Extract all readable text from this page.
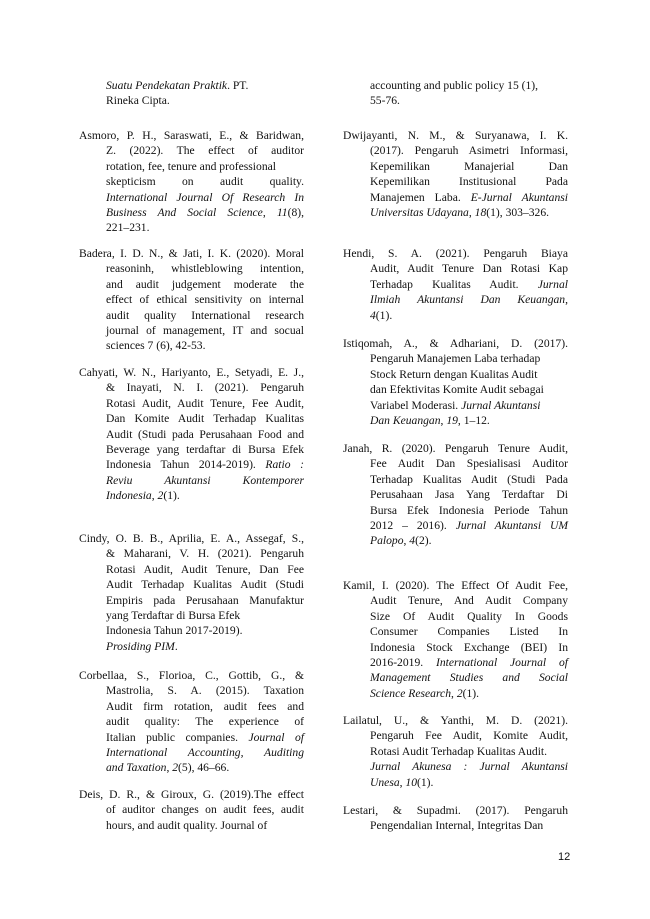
Suatu Pendekatan Praktik. PT.
Rineka Cipta.
Asmoro, P. H., Saraswati, E., & Baridwan,
Z. (2022). The effect of auditor
rotation, fee, tenure and professional
skepticism on audit quality.
International Journal Of Research In
Business And Social Science, 11(8),
221–231.
Badera, I. D. N., & Jati, I. K. (2020). Moral
reasoninh, whistleblowing intention,
and audit judgement moderate the
effect of ethical sensitivity on internal
audit quality International research
journal of management, IT and socual
sciences 7 (6), 42-53.
Cahyati, W. N., Hariyanto, E., Setyadi, E. J.,
& Inayati, N. I. (2021). Pengaruh
Rotasi Audit, Audit Tenure, Fee Audit,
Dan Komite Audit Terhadap Kualitas
Audit (Studi pada Perusahaan Food and
Beverage yang terdaftar di Bursa Efek
Indonesia Tahun 2014-2019). Ratio :
Reviu Akuntansi Kontemporer
Indonesia, 2(1).
Cindy, O. B. B., Aprilia, E. A., Assegaf, S.,
& Maharani, V. H. (2021). Pengaruh
Rotasi Audit, Audit Tenure, Dan Fee
Audit Terhadap Kualitas Audit (Studi
Empiris pada Perusahaan Manufaktur
yang Terdaftar di Bursa Efek
Indonesia Tahun 2017-2019).
Prosiding PIM.
Corbellaa, S., Florioa, C., Gottib, G., &
Mastrolia, S. A. (2015). Taxation
Audit firm rotation, audit fees and
audit quality: The experience of
Italian public companies. Journal of
International Accounting, Auditing
and Taxation, 2(5), 46–66.
Deis, D. R., & Giroux, G. (2019).The effect
of auditor changes on audit fees, audit
hours, and audit quality. Journal of
accounting and public policy 15 (1),
55-76.
Dwijayanti, N. M., & Suryanawa, I. K.
(2017). Pengaruh Asimetri Informasi,
Kepemilikan Manajerial Dan
Kepemilikan Institusional Pada
Manajemen Laba. E-Jurnal Akuntansi
Universitas Udayana, 18(1), 303–326.
Hendi, S. A. (2021). Pengaruh Biaya
Audit, Audit Tenure Dan Rotasi Kap
Terhadap Kualitas Audit. Jurnal
Ilmiah Akuntansi Dan Keuangan,
4(1).
Istiqomah, A., & Adhariani, D. (2017).
Pengaruh Manajemen Laba terhadap
Stock Return dengan Kualitas Audit
dan Efektivitas Komite Audit sebagai
Variabel Moderasi. Jurnal Akuntansi
Dan Keuangan, 19, 1–12.
Janah, R. (2020). Pengaruh Tenure Audit,
Fee Audit Dan Spesialisasi Auditor
Terhadap Kualitas Audit (Studi Pada
Perusahaan Jasa Yang Terdaftar Di
Bursa Efek Indonesia Periode Tahun
2012 – 2016). Jurnal Akuntansi UM
Palopo, 4(2).
Kamil, I. (2020). The Effect Of Audit Fee,
Audit Tenure, And Audit Company
Size Of Audit Quality In Goods
Consumer Companies Listed In
Indonesia Stock Exchange (BEI) In
2016-2019. International Journal of
Management Studies and Social
Science Research, 2(1).
Lailatul, U., & Yanthi, M. D. (2021).
Pengaruh Fee Audit, Komite Audit,
Rotasi Audit Terhadap Kualitas Audit.
Jurnal Akunesa : Jurnal Akuntansi
Unesa, 10(1).
Lestari, & Supadmi. (2017). Pengaruh
Pengendalian Internal, Integritas Dan
12
